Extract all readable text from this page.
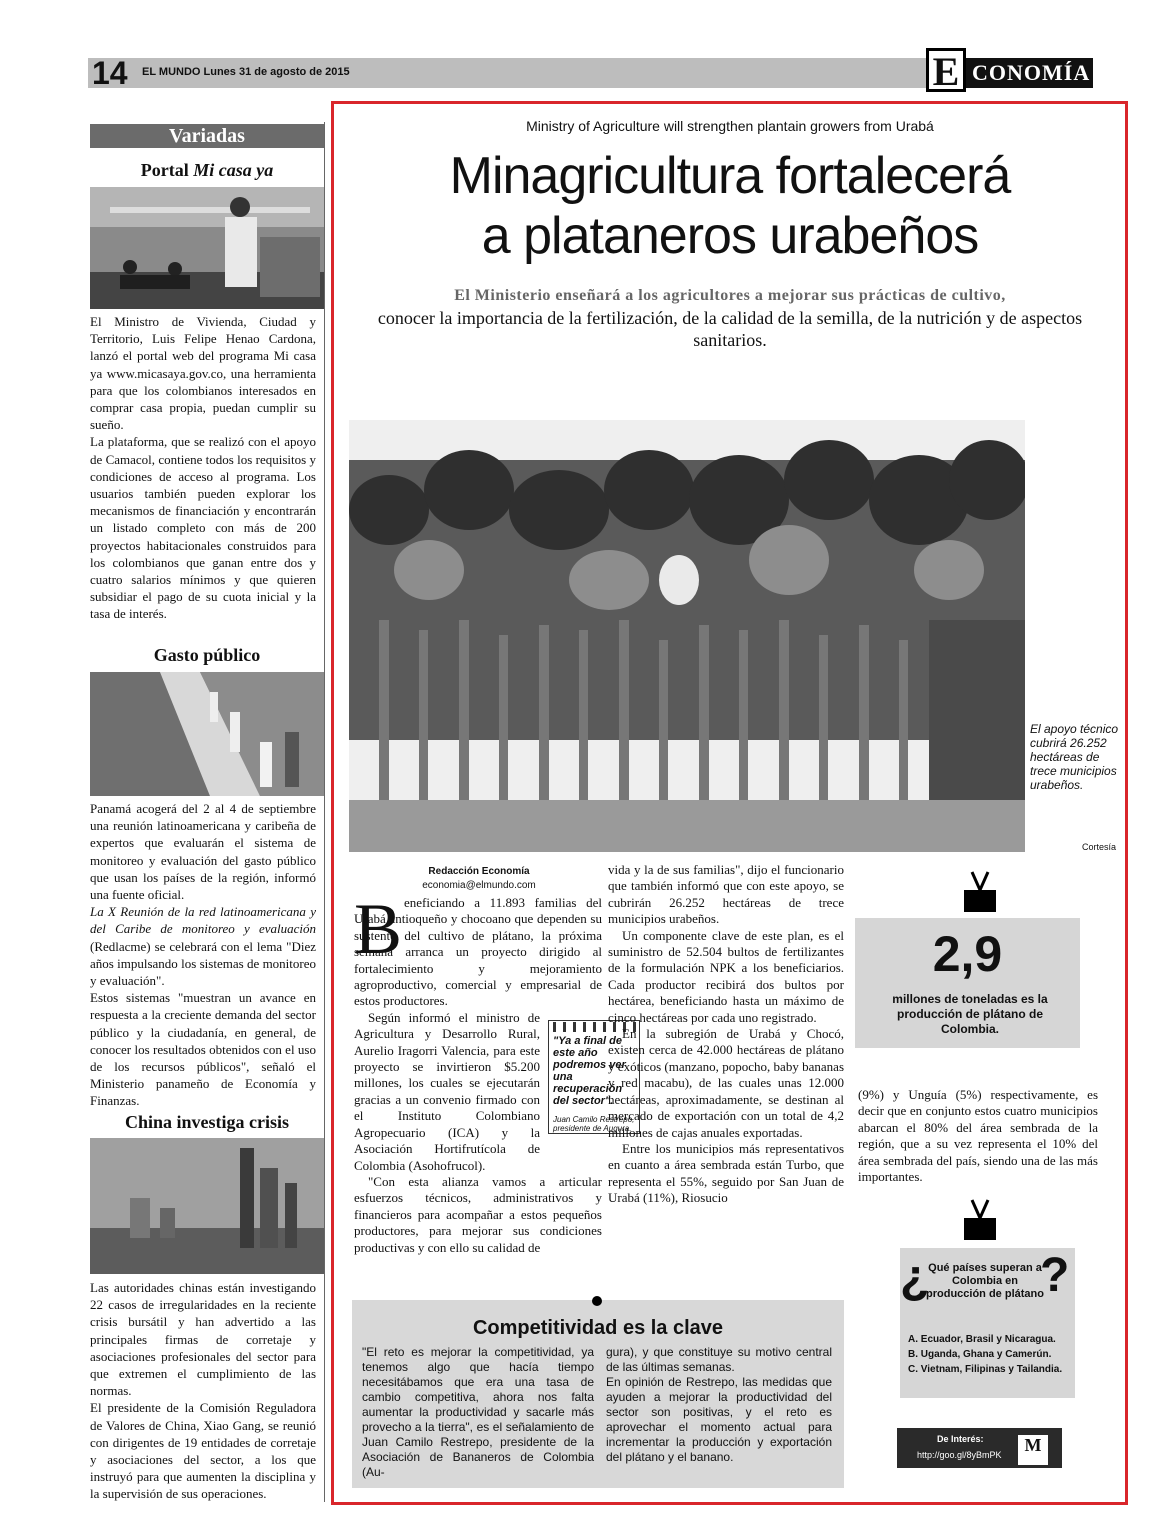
14 EL MUNDO Lunes 31 de agosto de 2015	E CONOMÍA
Variadas
Portal Mi casa ya

El Ministro de Vivienda, Ciudad y Territorio, Luis Felipe Henao Cardona, lanzó el portal web del programa Mi casa ya www.micasaya.gov.co, una herramienta para que los colombianos interesados en comprar casa propia, puedan cumplir su sueño.

La plataforma, que se realizó con el apoyo de Camacol, contiene todos los requisitos y condiciones de acceso al programa. Los usuarios también pueden explorar los mecanismos de financiación y encontrarán un listado completo con más de 200 proyectos habitacionales construidos para los colombianos que ganan entre dos y cuatro salarios mínimos y que quieren subsidiar el pago de su cuota inicial y la tasa de interés.

Gasto público

Panamá acogerá del 2 al 4 de septiembre una reunión latinoamericana y caribeña de expertos que evaluarán el sistema de monitoreo y evaluación del gasto público que usan los países de la región, informó una fuente oficial.

La X Reunión de la red latinoamericana y del Caribe de monitoreo y evaluación (Redlacme) se celebrará con el lema "Diez años impulsando los sistemas de monitoreo y evaluación".

Estos sistemas "muestran un avance en respuesta a la creciente demanda del sector público y la ciudadanía, en general, de conocer los resultados obtenidos con el uso de los recursos públicos", señaló el Ministerio panameño de Economía y Finanzas.

China investiga crisis

Las autoridades chinas están investigando 22 casos de irregularidades en la reciente crisis bursátil y han advertido a las principales firmas de corretaje y asociaciones profesionales del sector para que extremen el cumplimiento de las normas.

El presidente de la Comisión Reguladora de Valores de China, Xiao Gang, se reunió con dirigentes de 19 entidades de corretaje y asociaciones del sector, a los que instruyó para que aumenten la disciplina y la supervisión de sus operaciones.

Ministry of Agriculture will strengthen plantain growers from Urabá
Minagricultura fortalecerá
a plataneros urabeños
El Ministerio enseñará a los agricultores a mejorar sus prácticas de cultivo,
conocer la importancia de la fertilización, de la calidad de la semilla, de la nutrición y de aspectos sanitarios.
El apoyo técnico cubrirá 26.252 hectáreas de trece municipios urabeños.
Cortesía
Redacción Economía
economia@elmundo.com
B eneficiando a 11.893 familias del Urabá antioqueño y chocoano que dependen su sustento del cultivo de plátano, la próxima semana arranca un proyecto dirigido al fortalecimiento y mejoramiento agroproductivo, comercial y empresarial de estos productores.

Según informó el ministro de Agricultura y Desarrollo Rural, Aurelio Iragorri Valencia, para este proyecto se invirtieron $5.200 millones, los cuales se ejecutarán gracias a un convenio firmado con el Instituto Colombiano Agropecuario (ICA) y la Asociación Hortifrutícola de Colombia (Asohofrucol).

"Con esta alianza vamos a articular esfuerzos técnicos, administrativos y financieros para acompañar a estos pequeños productores, para mejorar sus condiciones productivas y con ello su calidad de

"Ya a final de este año podremos ver una recuperación del sector".
Juan Camilo Restrepo, presidente de Augura.

vida y la de sus familias", dijo el funcionario que también informó que con este apoyo, se cubrirán 26.252 hectáreas de trece municipios urabeños.

Un componente clave de este plan, es el suministro de 52.504 bultos de fertilizantes de la formulación NPK a los beneficiarios. Cada productor recibirá dos bultos por hectárea, beneficiando hasta un máximo de cinco hectáreas por cada uno registrado.

En la subregión de Urabá y Chocó, existen cerca de 42.000 hectáreas de plátano y exóticos (manzano, popocho, baby bananas y red macabu), de las cuales unas 12.000 hectáreas, aproximadamente, se destinan al mercado de exportación con un total de 4,2 millones de cajas anuales exportadas.

Entre los municipios más representativos en cuanto a área sembrada están Turbo, que representa el 55%, seguido por San Juan de Urabá (11%), Riosucio

2,9
millones de toneladas es la producción de plátano de Colombia.

(9%) y Unguía (5%) respectivamente, es decir que en conjunto estos cuatro municipios abarcan el 80% del área sembrada de la región, que a su vez representa el 10% del área sembrada del país, siendo una de las más importantes.

¿ ?
Qué países superan a Colombia en producción de plátano
A. Ecuador, Brasil y Nicaragua.
B. Uganda, Ghana y Camerún.
C. Vietnam, Filipinas y Tailandia.
De Interés:
http://goo.gl/8yBmPK	M
Competitividad es la clave

"El reto es mejorar la competitividad, ya tenemos algo que hacía tiempo necesitábamos que era una tasa de cambio competitiva, ahora nos falta aumentar la productividad y sacarle más provecho a la tierra", es el señalamiento de Juan Camilo Restrepo, presidente de la Asociación de Bananeros de Colombia (Au-

gura), y que constituye su motivo central de las últimas semanas.

En opinión de Restrepo, las medidas que ayuden a mejorar la productividad del sector son positivas, y el reto es aprovechar el momento actual para incrementar la producción y exportación del plátano y el banano.
